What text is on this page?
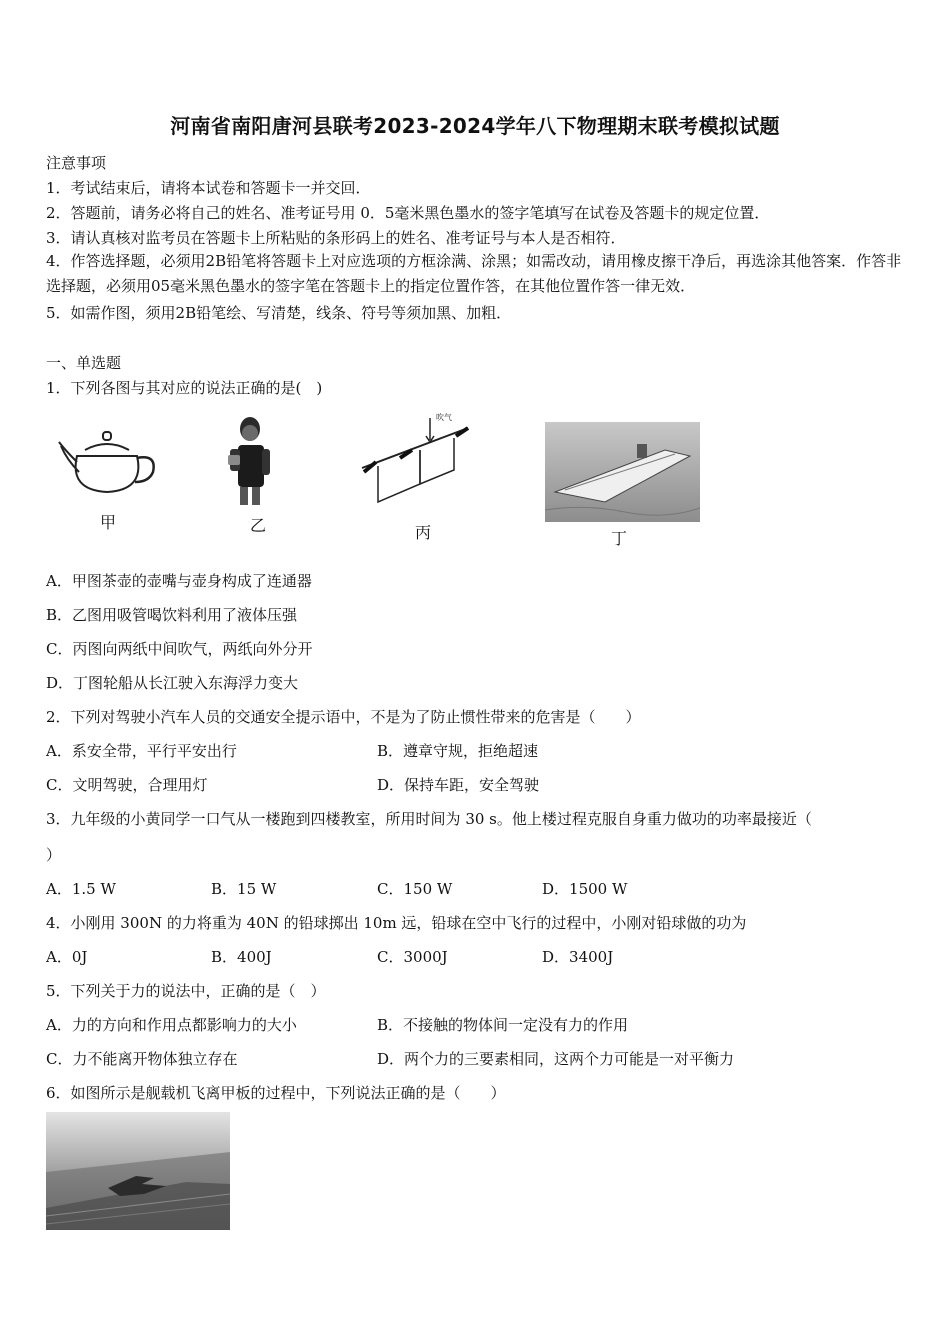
河南省南阳唐河县联考2023-2024学年八下物理期末联考模拟试题
注意事项
1．考试结束后，请将本试卷和答题卡一并交回．
2．答题前，请务必将自己的姓名、准考证号用 0．5毫米黑色墨水的签字笔填写在试卷及答题卡的规定位置．
3．请认真核对监考员在答题卡上所粘贴的条形码上的姓名、准考证号与本人是否相符．
4．作答选择题，必须用2B铅笔将答题卡上对应选项的方框涂满、涂黑；如需改动，请用橡皮擦干净后，再选涂其他答案．作答非选择题，必须用05毫米黑色墨水的签字笔在答题卡上的指定位置作答，在其他位置作答一律无效．
5．如需作图，须用2B铅笔绘、写清楚，线条、符号等须加黑、加粗．
一、单选题
1．下列各图与其对应的说法正确的是(　)
甲	乙
吹气
丙	丁
A．甲图茶壶的壶嘴与壶身构成了连通器
B．乙图用吸管喝饮料利用了液体压强
C．丙图向两纸中间吹气，两纸向外分开
D．丁图轮船从长江驶入东海浮力变大
2．下列对驾驶小汽车人员的交通安全提示语中，不是为了防止惯性带来的危害是（　　）
A．系安全带，平行平安出行	B．遵章守规，拒绝超速
C．文明驾驶，合理用灯	D．保持车距，安全驾驶
3．九年级的小黄同学一口气从一楼跑到四楼教室，所用时间为 30 s。他上楼过程克服自身重力做功的功率最接近（
）
A．1.5 W	B．15 W	C．150 W	D．1500 W
4．小刚用 300N 的力将重为 40N 的铅球掷出 10m 远，铅球在空中飞行的过程中，小刚对铅球做的功为
A．0J	B．400J	C．3000J	D．3400J
5．下列关于力的说法中，正确的是（　）
A．力的方向和作用点都影响力的大小	B．不接触的物体间一定没有力的作用
C．力不能离开物体独立存在	D．两个力的三要素相同，这两个力可能是一对平衡力
6．如图所示是舰载机飞离甲板的过程中，下列说法正确的是（　　）
